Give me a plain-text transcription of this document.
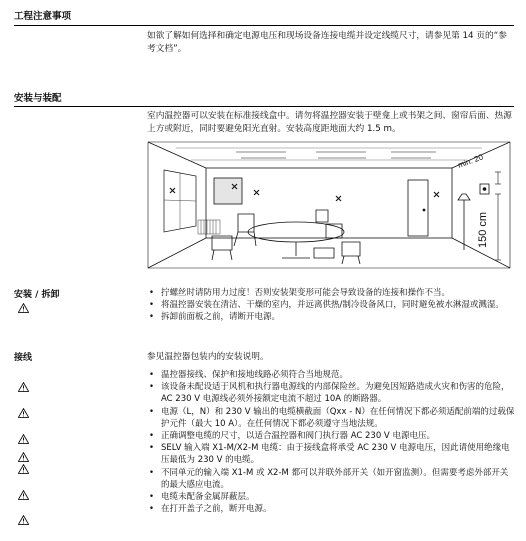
工程注意事项

如欲了解如何选择和确定电源电压和现场设备连接电缆并设定线缆尺寸，请参见第 14 页的“参考文档”。

安装与装配

室内温控器可以安装在标准接线盒中。请勿将温控器安装于壁龛上或书架之间、窗帘后面、热源上方或附近，同时要避免阳光直射。安装高度距地面大约 1.5 m。

min. 20
150 cm
安装 / 拆卸
•	拧螺丝时请防用力过度！否则安装架变形可能会导致设备的连接和操作不当。
• 将温控器安装在清洁、干燥的室内，并远离供热/制冷设备风口，同时避免被水淋湿或溅湿。
• 拆卸前面板之前，请断开电源。
接线	参见温控器包装内的安装说明。

• 温控器接线、保护和接地线路必须符合当地规范。
• 该设备未配设适于风机和执行器电源线的内部保险丝。为避免因短路造成火灾和伤害的危险，AC 230 V 电源线必须外接额定电流不超过 10A 的断路器。
• 电源（L，N）和 230 V 输出的电缆横截面（Qxx - N）在任何情况下都必须适配前端的过载保护元件（最大 10 A）。在任何情况下都必须遵守当地法规。
• 正确调整电缆的尺寸，以适合温控器和阀门执行器 AC 230 V 电源电压。
• SELV 输入端 X1-M/X2-M 电缆：由于接线盒将承受 AC 230 V 电源电压，因此请使用绝缘电压最低为 230 V 的电缆。
• 不同单元的输入端 X1-M 或 X2-M 都可以并联外部开关（如开窗监测）。但需要考虑外部开关的最大感应电流。
• 电缆未配备金属屏蔽层。
• 在打开盖子之前，断开电源。
